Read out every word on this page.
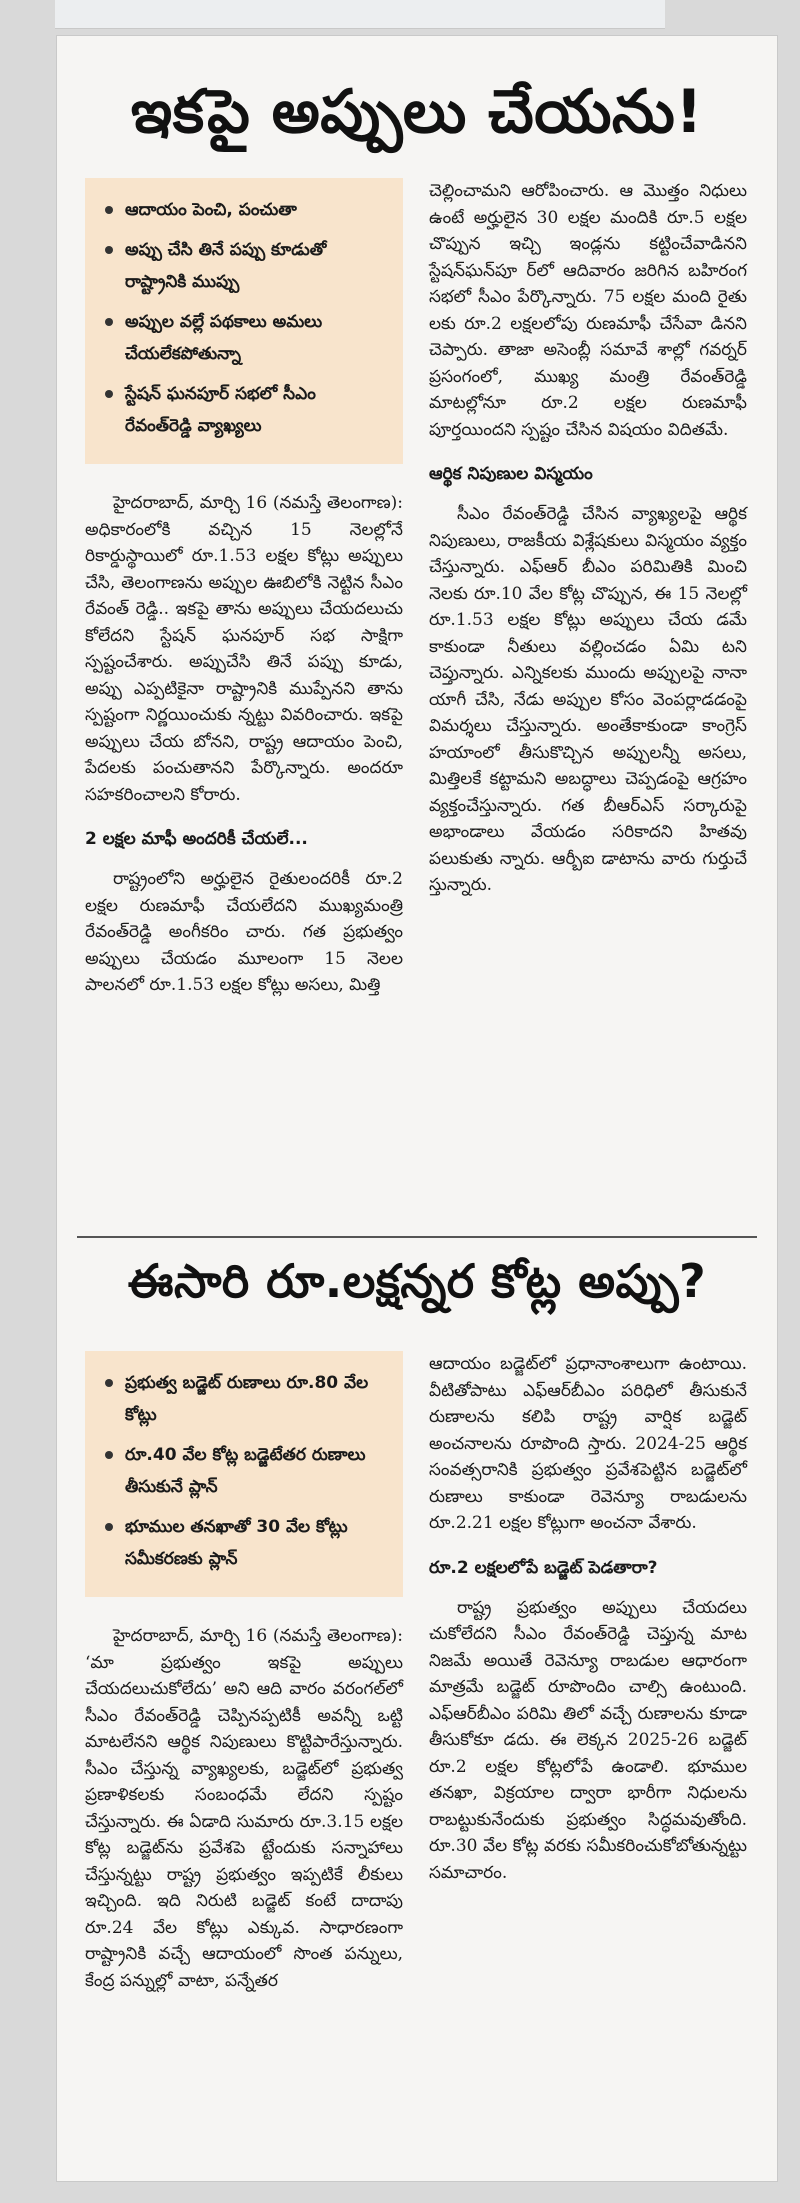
ఇకపై అప్పులు చేయను!
ఆదాయం పెంచి, పంచుతా
అప్పు చేసి తినే పప్పు కూడుతో రాష్ట్రానికి ముప్పు
అప్పుల వల్లే పథకాలు అమలు చేయలేకపోతున్నా
స్టేషన్ ఘనపూర్ సభలో సీఎం రేవంత్‌రెడ్డి వ్యాఖ్యలు

హైదరాబాద్, మార్చి 16 (నమస్తే తెలంగాణ): అధికారంలోకి వచ్చిన 15 నెలల్లోనే రికార్డుస్థాయిలో రూ.1.53 లక్షల కోట్లు అప్పులు చేసి, తెలంగాణను అప్పుల ఊబిలోకి నెట్టిన సీఎం రేవంత్ రెడ్డి.. ఇకపై తాను అప్పులు చేయదలుచు కోలేదని స్టేషన్ ఘనపూర్ సభ సాక్షిగా స్పష్టంచేశారు. అప్పుచేసి తినే పప్పు కూడు, అప్పు ఎప్పటికైనా రాష్ట్రానికి ముప్పేనని తాను స్పష్టంగా నిర్ణయించుకు న్నట్టు వివరించారు. ఇకపై అప్పులు చేయ బోనని, రాష్ట్ర ఆదాయం పెంచి, పేదలకు పంచుతానని పేర్కొన్నారు. అందరూ సహకరించాలని కోరారు.

2 లక్షల మాఫీ అందరికీ చేయలే...

రాష్ట్రంలోని అర్హులైన రైతులందరికీ రూ.2 లక్షల రుణమాఫీ చేయలేదని ముఖ్యమంత్రి రేవంత్‌రెడ్డి అంగీకరిం చారు. గత ప్రభుత్వం అప్పులు చేయడం మూలంగా 15 నెలల పాలనలో రూ.1.53 లక్షల కోట్లు అసలు, మిత్తి

చెల్లించామని ఆరోపించారు. ఆ మొత్తం నిధులు ఉంటే అర్హులైన 30 లక్షల మందికి రూ.5 లక్షల చొప్పున ఇచ్చి ఇండ్లను కట్టించేవాడినని స్టేషన్‌ఘన్‌పూ ర్‌లో ఆదివారం జరిగిన బహిరంగ సభలో సీఎం పేర్కొన్నారు. 75 లక్షల మంది రైతు లకు రూ.2 లక్షలలోపు రుణమాఫీ చేసేవా డినని చెప్పారు. తాజా అసెంబ్లీ సమావే శాల్లో గవర్నర్ ప్రసంగంలో, ముఖ్య మంత్రి రేవంత్‌రెడ్డి మాటల్లోనూ రూ.2 లక్షల రుణమాఫీ పూర్తయిందని స్పష్టం చేసిన విషయం విదితమే.

ఆర్థిక నిపుణుల విస్మయం

సీఎం రేవంత్‌రెడ్డి చేసిన వ్యాఖ్యలపై ఆర్థిక నిపుణులు, రాజకీయ విశ్లేషకులు విస్మయం వ్యక్తం చేస్తున్నారు. ఎఫ్ఆర్ బీఎం పరిమితికి మించి నెలకు రూ.10 వేల కోట్ల చొప్పున, ఈ 15 నెలల్లో రూ.1.53 లక్షల కోట్లు అప్పులు చేయ డమే కాకుండా నీతులు వల్లించడం ఏమి టని చెప్తున్నారు. ఎన్నికలకు ముందు అప్పులపై నానా యాగీ చేసి, నేడు అప్పుల కోసం వెంపర్లాడడంపై విమర్శలు చేస్తున్నారు. అంతేకాకుండా కాంగ్రెస్ హయాంలో తీసుకొచ్చిన అప్పులన్నీ అసలు, మిత్తిలకే కట్టామని అబద్ధాలు చెప్పడంపై ఆగ్రహం వ్యక్తంచేస్తున్నారు. గత బీఆర్ఎస్ సర్కారుపై అభాండాలు వేయడం సరికాదని హితవు పలుకుతు న్నారు. ఆర్బీఐ డాటాను వారు గుర్తుచే స్తున్నారు.

ఈసారి రూ.లక్షన్నర కోట్ల అప్పు?
ప్రభుత్వ బడ్జెట్ రుణాలు రూ.80 వేల కోట్లు
రూ.40 వేల కోట్ల బడ్జెటేతర రుణాలు తీసుకునే ప్లాన్
భూముల తనఖాతో 30 వేల కోట్లు సమీకరణకు ప్లాన్

హైదరాబాద్, మార్చి 16 (నమస్తే తెలంగాణ): ‘మా ప్రభుత్వం ఇకపై అప్పులు చేయదలుచుకోలేదు’ అని ఆది వారం వరంగల్‌లో సీఎం రేవంత్‌రెడ్డి చెప్పినప్పటికీ అవన్నీ ఒట్టి మాటలేనని ఆర్థిక నిపుణులు కొట్టిపారేస్తున్నారు. సీఎం చేస్తున్న వ్యాఖ్యలకు, బడ్జెట్‌లో ప్రభుత్వ ప్రణాళికలకు సంబంధమే లేదని స్పష్టం చేస్తున్నారు. ఈ ఏడాది సుమారు రూ.3.15 లక్షల కోట్ల బడ్జెట్‌ను ప్రవేశపె ట్టేందుకు సన్నాహాలు చేస్తున్నట్టు రాష్ట్ర ప్రభుత్వం ఇప్పటికే లీకులు ఇచ్చింది. ఇది నిరుటి బడ్జెట్ కంటే దాదాపు రూ.24 వేల కోట్లు ఎక్కువ. సాధారణంగా రాష్ట్రానికి వచ్చే ఆదాయంలో సొంత పన్నులు, కేంద్ర పన్నుల్లో వాటా, పన్నేతర

ఆదాయం బడ్జెట్‌లో ప్రధానాంశాలుగా ఉంటాయి. వీటితోపాటు ఎఫ్ఆర్‌బీఎం పరిధిలో తీసుకునే రుణాలను కలిపి రాష్ట్ర వార్షిక బడ్జెట్ అంచనాలను రూపొంది స్తారు. 2024-25 ఆర్థిక సంవత్సరానికి ప్రభుత్వం ప్రవేశపెట్టిన బడ్జెట్‌లో రుణాలు కాకుండా రెవెన్యూ రాబడులను రూ.2.21 లక్షల కోట్లుగా అంచనా వేశారు.

రూ.2 లక్షలలోపే బడ్జెట్ పెడతారా?

రాష్ట్ర ప్రభుత్వం అప్పులు చేయదలు చుకోలేదని సీఎం రేవంత్‌రెడ్డి చెప్తున్న మాట నిజమే అయితే రెవెన్యూ రాబడుల ఆధారంగా మాత్రమే బడ్జెట్ రూపొందిం చాల్సి ఉంటుంది. ఎఫ్ఆర్‌బీఎం పరిమి తిలో వచ్చే రుణాలను కూడా తీసుకోకూ డదు. ఈ లెక్కన 2025-26 బడ్జెట్ రూ.2 లక్షల కోట్లలోపే ఉండాలి. భూముల తనఖా, విక్రయాల ద్వారా భారీగా నిధులను రాబట్టుకునేందుకు ప్రభుత్వం సిద్ధమవుతోంది. రూ.30 వేల కోట్ల వరకు సమీకరించుకోబోతున్నట్టు సమాచారం.
